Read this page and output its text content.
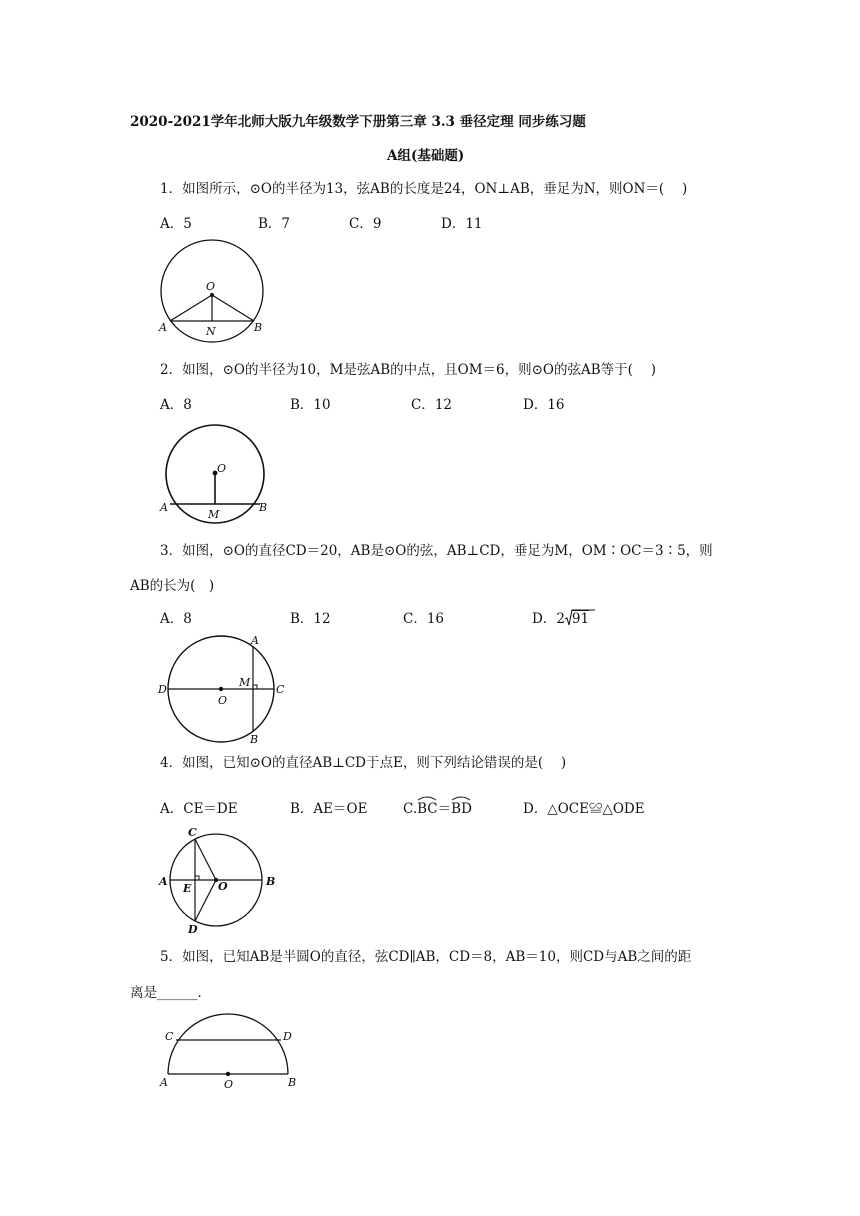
2020-2021学年北师大版九年级数学下册第三章 3.3 垂径定理 同步练习题
A组(基础题)
1．如图所示，⊙O的半径为13，弦AB的长度是24，ON⊥AB，垂足为N，则ON＝(　 )
A．5	B．7	C．9	D．11
O
A	N	B
2．如图，⊙O的半径为10，M是弦AB的中点，且OM＝6，则⊙O的弦AB等于(　 )
A．8	B．10	C．12	D．16
O
A
M
B
3．如图，⊙O的直径CD＝20，AB是⊙O的弦，AB⊥CD，垂足为M，OM∶OC＝3∶5，则
AB的长为(　)
A．8	B．12	C．16	D．2 91
A
D
M
C
O
B
4．如图，已知⊙O的直径AB⊥CD于点E，则下列结论错误的是(　 )
A．CE＝DE	B．AE＝OE	C.
BC＝
BD	D．△OCE≌△ODE
C
A
E O	B
D
5．如图，已知AB是半圆O的直径，弦CD∥AB，CD＝8，AB＝10，则CD与AB之间的距
离是______．
C	D
A	O	B
